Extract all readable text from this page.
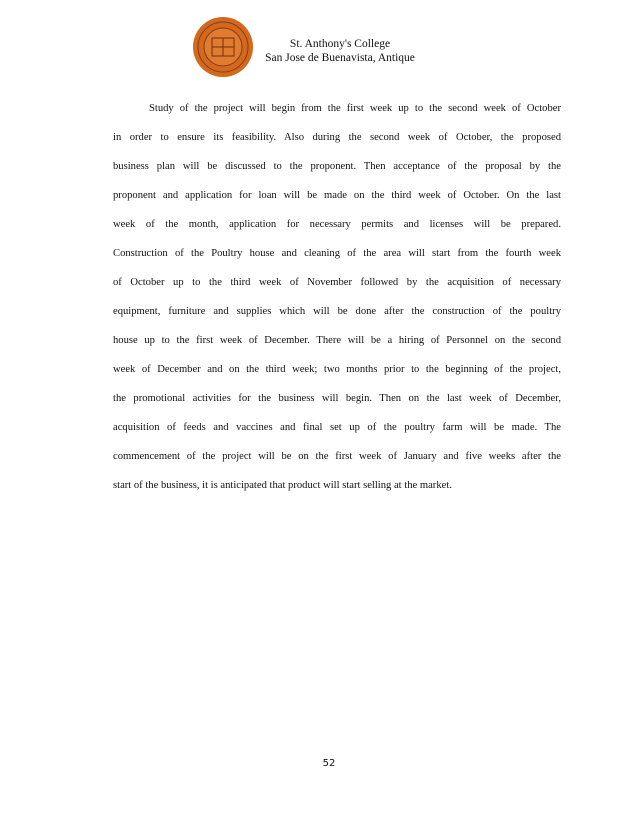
St. Anthony's College
San Jose de Buenavista, Antique

Study of the project will begin from the first week up to the second week of October
in order to ensure its feasibility. Also during the second week of October, the proposed
business plan will be discussed to the proponent. Then acceptance of the proposal by the
proponent and application for loan will be made on the third week of October. On the last
week of the month, application for necessary permits and licenses will be prepared.
Construction of the Poultry house and cleaning of the area will start from the fourth week
of October up to the third week of November followed by the acquisition of necessary
equipment, furniture and supplies which will be done after the construction of the poultry
house up to the first week of December. There will be a hiring of Personnel on the second
week of December and on the third week; two months prior to the beginning of the project,
the promotional activities for the business will begin. Then on the last week of December,
acquisition of feeds and vaccines and final set up of the poultry farm will be made. The
commencement of the project will be on the first week of January and five weeks after the
start of the business, it is anticipated that product will start selling at the market.

52
